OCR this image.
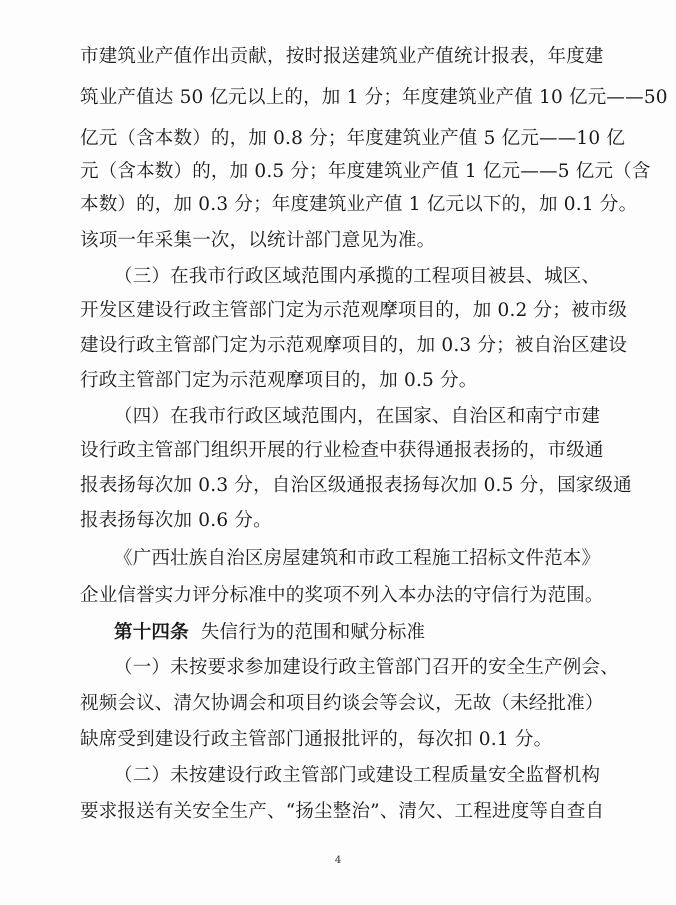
市建筑业产值作出贡献，按时报送建筑业产值统计报表，年度建
筑业产值达 50 亿元以上的，加 1 分；年度建筑业产值 10 亿元——50
亿元（含本数）的，加 0.8 分；年度建筑业产值 5 亿元——10 亿
元（含本数）的，加 0.5 分；年度建筑业产值 1 亿元——5 亿元（含
本数）的，加 0.3 分；年度建筑业产值 1 亿元以下的，加 0.1 分。
该项一年采集一次，以统计部门意见为准。
（三）在我市行政区域范围内承揽的工程项目被县、城区、
开发区建设行政主管部门定为示范观摩项目的，加 0.2 分；被市级
建设行政主管部门定为示范观摩项目的，加 0.3 分；被自治区建设
行政主管部门定为示范观摩项目的，加 0.5 分。
（四）在我市行政区域范围内，在国家、自治区和南宁市建
设行政主管部门组织开展的行业检查中获得通报表扬的，市级通
报表扬每次加 0.3 分，自治区级通报表扬每次加 0.5 分，国家级通
报表扬每次加 0.6 分。
《广西壮族自治区房屋建筑和市政工程施工招标文件范本》
企业信誉实力评分标准中的奖项不列入本办法的守信行为范围。
第十四条 失信行为的范围和赋分标准
（一）未按要求参加建设行政主管部门召开的安全生产例会、
视频会议、清欠协调会和项目约谈会等会议，无故（未经批准）
缺席受到建设行政主管部门通报批评的，每次扣 0.1 分。
（二）未按建设行政主管部门或建设工程质量安全监督机构
要求报送有关安全生产、“扬尘整治”、清欠、工程进度等自查自
4
